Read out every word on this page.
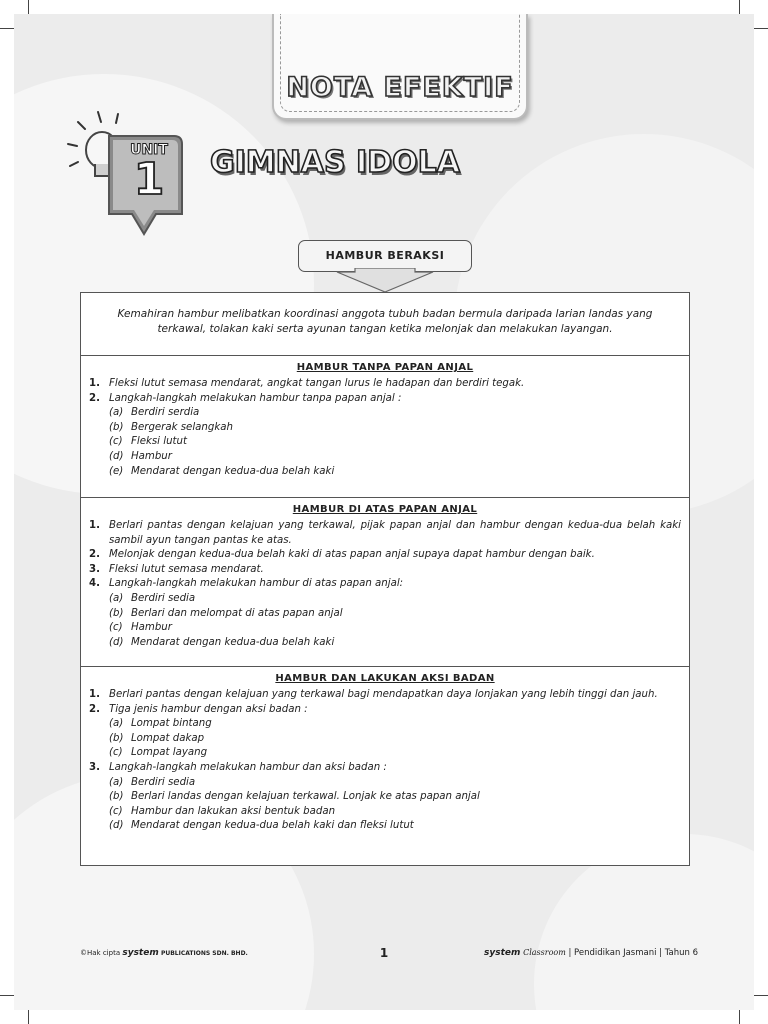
NOTA EFEKTIF
UNIT
1	GIMNAS IDOLA
HAMBUR BERAKSI
Kemahiran hambur melibatkan koordinasi anggota tubuh badan bermula daripada larian landas yang terkawal, tolakan kaki serta ayunan tangan ketika melonjak dan melakukan layangan.
HAMBUR TANPA PAPAN ANJAL
1. Fleksi lutut semasa mendarat, angkat tangan lurus le hadapan dan berdiri tegak.
2. Langkah-langkah melakukan hambur tanpa papan anjal :
(a) Berdiri serdia
(b) Bergerak selangkah
(c) Fleksi lutut
(d) Hambur
(e) Mendarat dengan kedua-dua belah kaki
HAMBUR DI ATAS PAPAN ANJAL
1. Berlari pantas dengan kelajuan yang terkawal, pijak papan anjal dan hambur dengan kedua-dua belah kaki sambil ayun tangan pantas ke atas.
2. Melonjak dengan kedua-dua belah kaki di atas papan anjal supaya dapat hambur dengan baik.
3. Fleksi lutut semasa mendarat.
4. Langkah-langkah melakukan hambur di atas papan anjal:
(a) Berdiri sedia
(b) Berlari dan melompat di atas papan anjal
(c) Hambur
(d) Mendarat dengan kedua-dua belah kaki
HAMBUR DAN LAKUKAN AKSI BADAN
1. Berlari pantas dengan kelajuan yang terkawal bagi mendapatkan daya lonjakan yang lebih tinggi dan jauh.
2. Tiga jenis hambur dengan aksi badan :
(a) Lompat bintang
(b) Lompat dakap
(c) Lompat layang
3. Langkah-langkah melakukan hambur dan aksi badan :
(a) Berdiri sedia
(b) Berlari landas dengan kelajuan terkawal. Lonjak ke atas papan anjal
(c) Hambur dan lakukan aksi bentuk badan
(d) Mendarat dengan kedua-dua belah kaki dan fleksi lutut
©Hak cipta system PUBLICATIONS SDN. BHD.	1	system Classroom | Pendidikan Jasmani | Tahun 6
